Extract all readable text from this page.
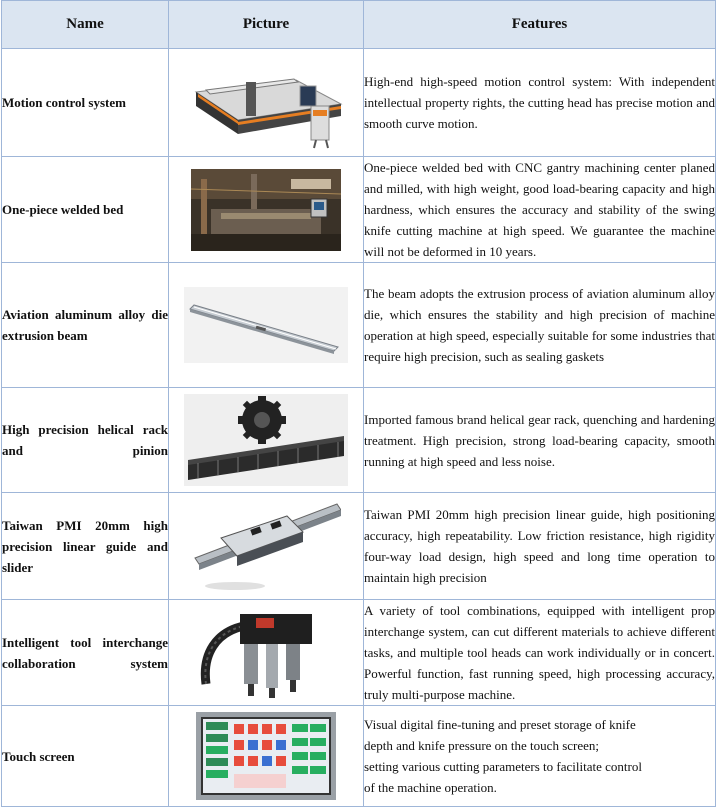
Name	Picture	Features
Motion control system		High-end high-speed motion control system: With independent intellectual property rights, the cutting head has precise motion and smooth curve motion.
One-piece welded bed		One-piece welded bed with CNC gantry machining center planed and milled, with high weight, good load-bearing capacity and high hardness, which ensures the accuracy and stability of the swing knife cutting machine at high speed. We guarantee the machine will not be deformed in 10 years.
Aviation aluminum alloy die extrusion beam		The beam adopts the extrusion process of aviation aluminum alloy die, which ensures the stability and high precision of machine operation at high speed, especially suitable for some industries that require high precision, such as sealing gaskets

High precision helical rack and pinion		Imported famous brand helical gear rack, quenching and hardening treatment. High precision, strong load-bearing capacity, smooth running at high speed and less noise.

Taiwan PMI 20mm high precision linear guide and slider		Taiwan PMI 20mm high precision linear guide, high positioning accuracy, high repeatability. Low friction resistance, high rigidity four-way load design, high speed and long time operation to maintain high precision

Intelligent tool interchange collaboration system		A variety of tool combinations, equipped with intelligent prop interchange system, can cut different materials to achieve different tasks, and multiple tool heads can work individually or in concert. Powerful function, fast running speed, high processing accuracy, truly multi-purpose machine.
Touch screen		Visual digital fine-tuning and preset storage of knife
depth and knife pressure on the touch screen;
setting various cutting parameters to facilitate control
of the machine operation.
